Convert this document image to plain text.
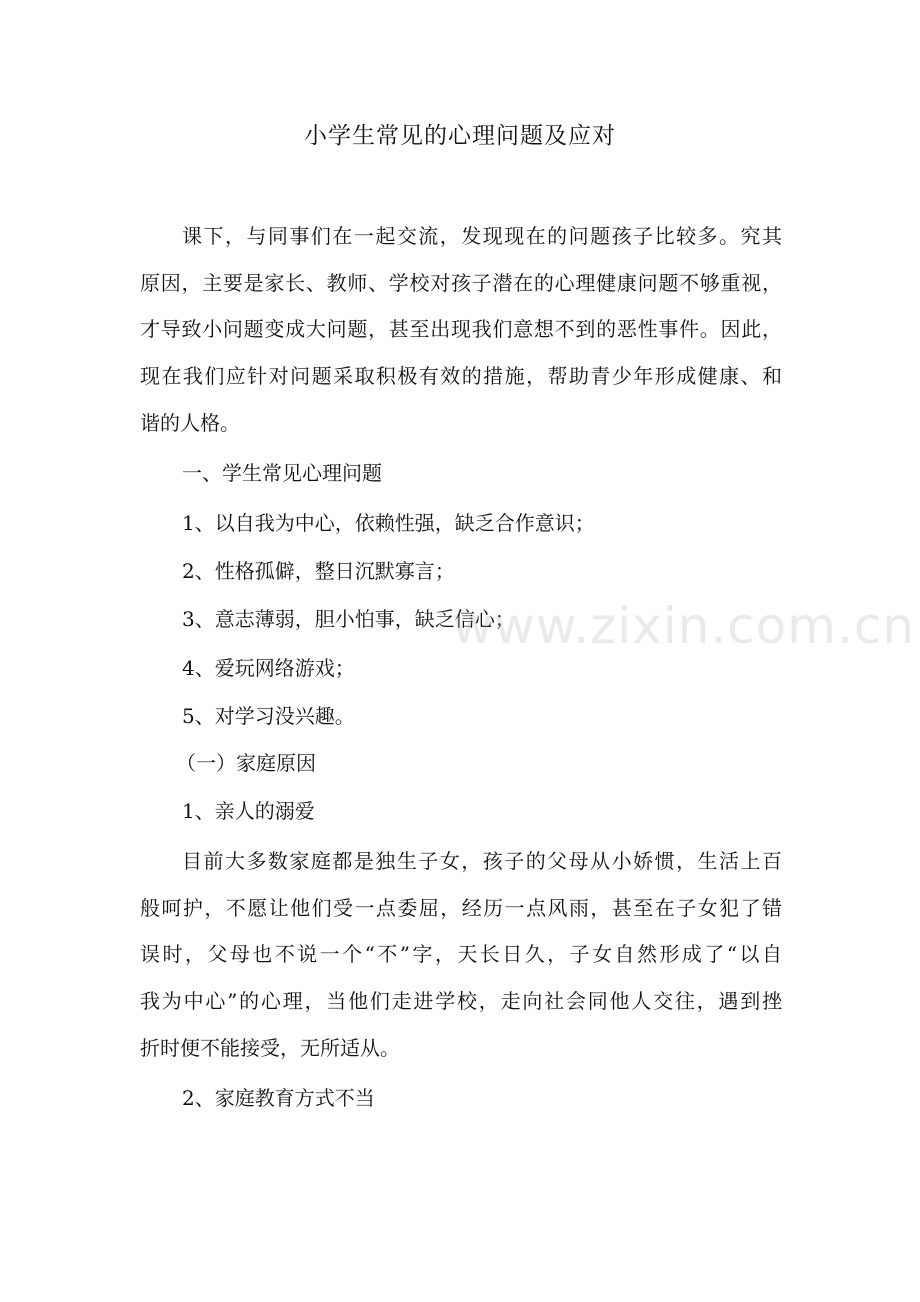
小学生常见的心理问题及应对
课下，与同事们在一起交流，发现现在的问题孩子比较多。究其
原因，主要是家长、教师、学校对孩子潜在的心理健康问题不够重视，
才导致小问题变成大问题，甚至出现我们意想不到的恶性事件。因此，
现在我们应针对问题采取积极有效的措施，帮助青少年形成健康、和
谐的人格。
一、学生常见心理问题
1、以自我为中心，依赖性强，缺乏合作意识；
2、性格孤僻，整日沉默寡言；
3、意志薄弱，胆小怕事，缺乏信心；
4、爱玩网络游戏；
5、对学习没兴趣。
（一）家庭原因
1、亲人的溺爱
目前大多数家庭都是独生子女，孩子的父母从小娇惯，生活上百
般呵护，不愿让他们受一点委屈，经历一点风雨，甚至在子女犯了错
误时，父母也不说一个“不”字，天长日久，子女自然形成了“以自
我为中心”的心理，当他们走进学校，走向社会同他人交往，遇到挫
折时便不能接受，无所适从。
2、家庭教育方式不当
www.zixin.com.cn
